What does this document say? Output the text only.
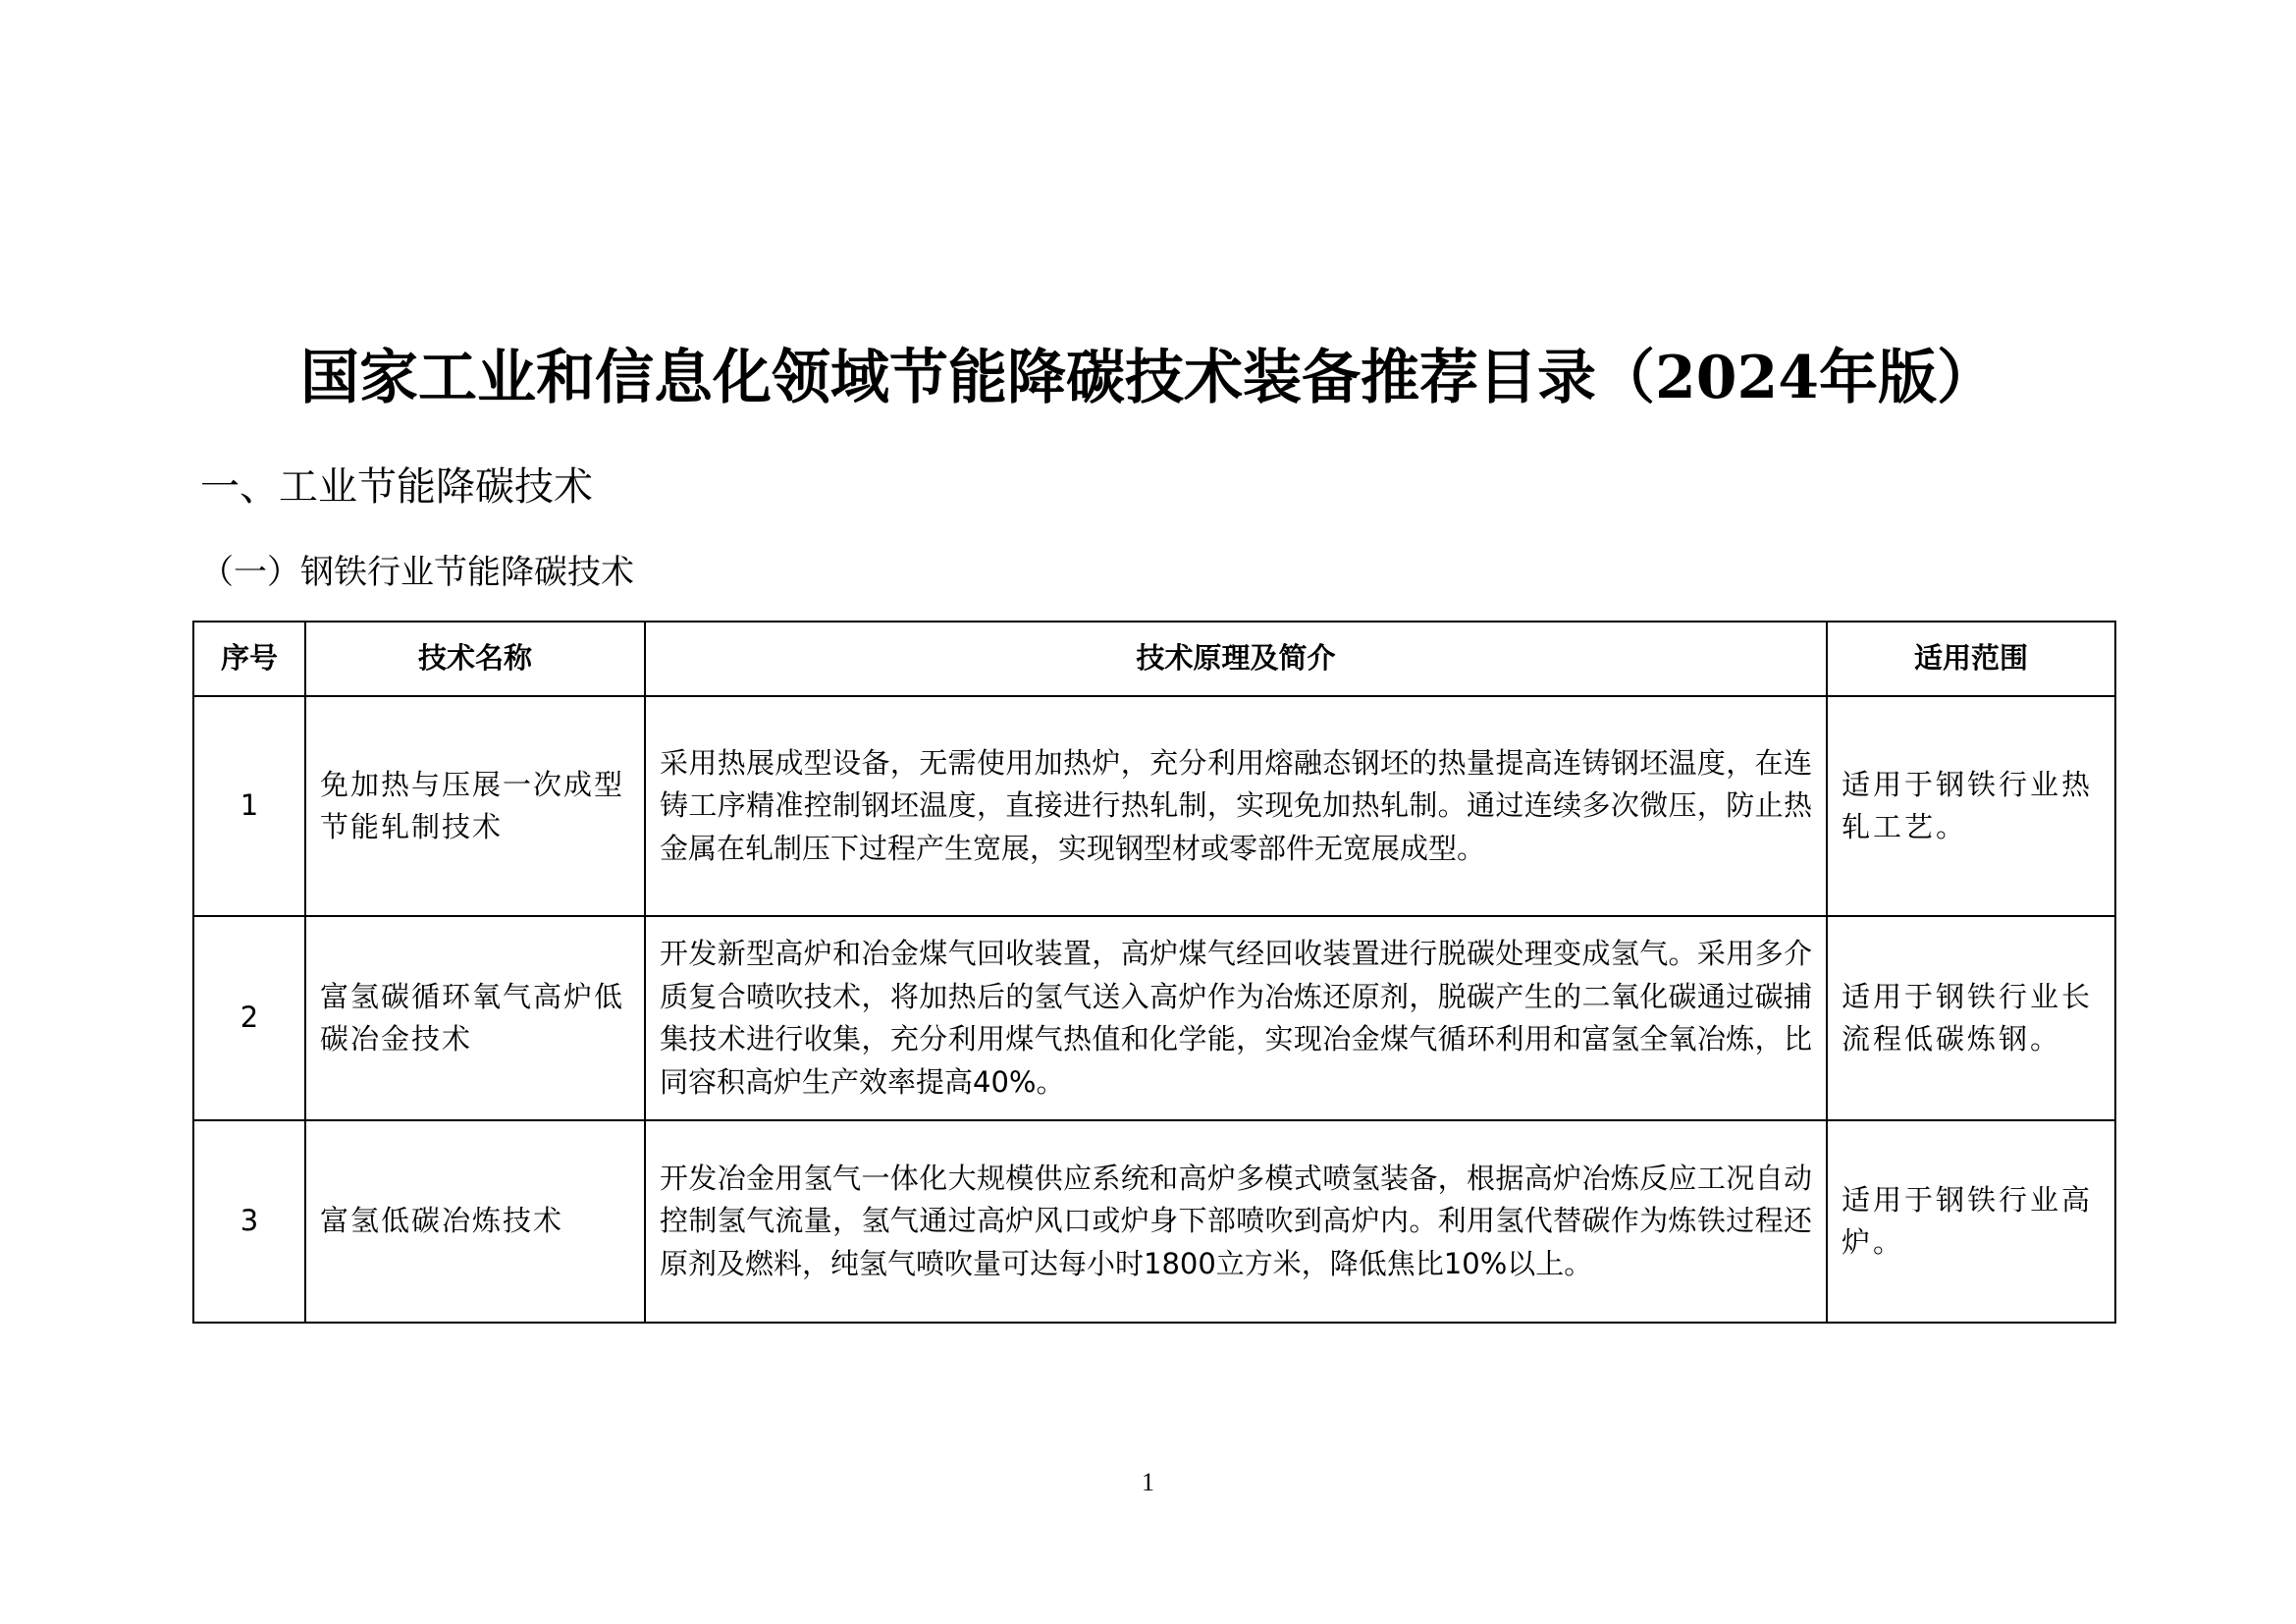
国家工业和信息化领域节能降碳技术装备推荐目录（2024年版）
一、工业节能降碳技术
（一）钢铁行业节能降碳技术
序号	技术名称	技术原理及简介	适用范围
1	免加热与压展一次成型节能轧制技术	采用热展成型设备，无需使用加热炉，充分利用熔融态钢坯的热量提高连铸钢坯温度，在连铸工序精准控制钢坯温度，直接进行热轧制，实现免加热轧制。通过连续多次微压，防止热金属在轧制压下过程产生宽展，实现钢型材或零部件无宽展成型。	适用于钢铁行业热轧工艺。
2	富氢碳循环氧气高炉低碳冶金技术	开发新型高炉和冶金煤气回收装置，高炉煤气经回收装置进行脱碳处理变成氢气。采用多介质复合喷吹技术，将加热后的氢气送入高炉作为冶炼还原剂，脱碳产生的二氧化碳通过碳捕集技术进行收集，充分利用煤气热值和化学能，实现冶金煤气循环利用和富氢全氧冶炼，比同容积高炉生产效率提高40%。	适用于钢铁行业长流程低碳炼钢。
3	富氢低碳冶炼技术	开发冶金用氢气一体化大规模供应系统和高炉多模式喷氢装备，根据高炉冶炼反应工况自动控制氢气流量，氢气通过高炉风口或炉身下部喷吹到高炉内。利用氢代替碳作为炼铁过程还原剂及燃料，纯氢气喷吹量可达每小时1800立方米，降低焦比10%以上。	适用于钢铁行业高炉。
1
